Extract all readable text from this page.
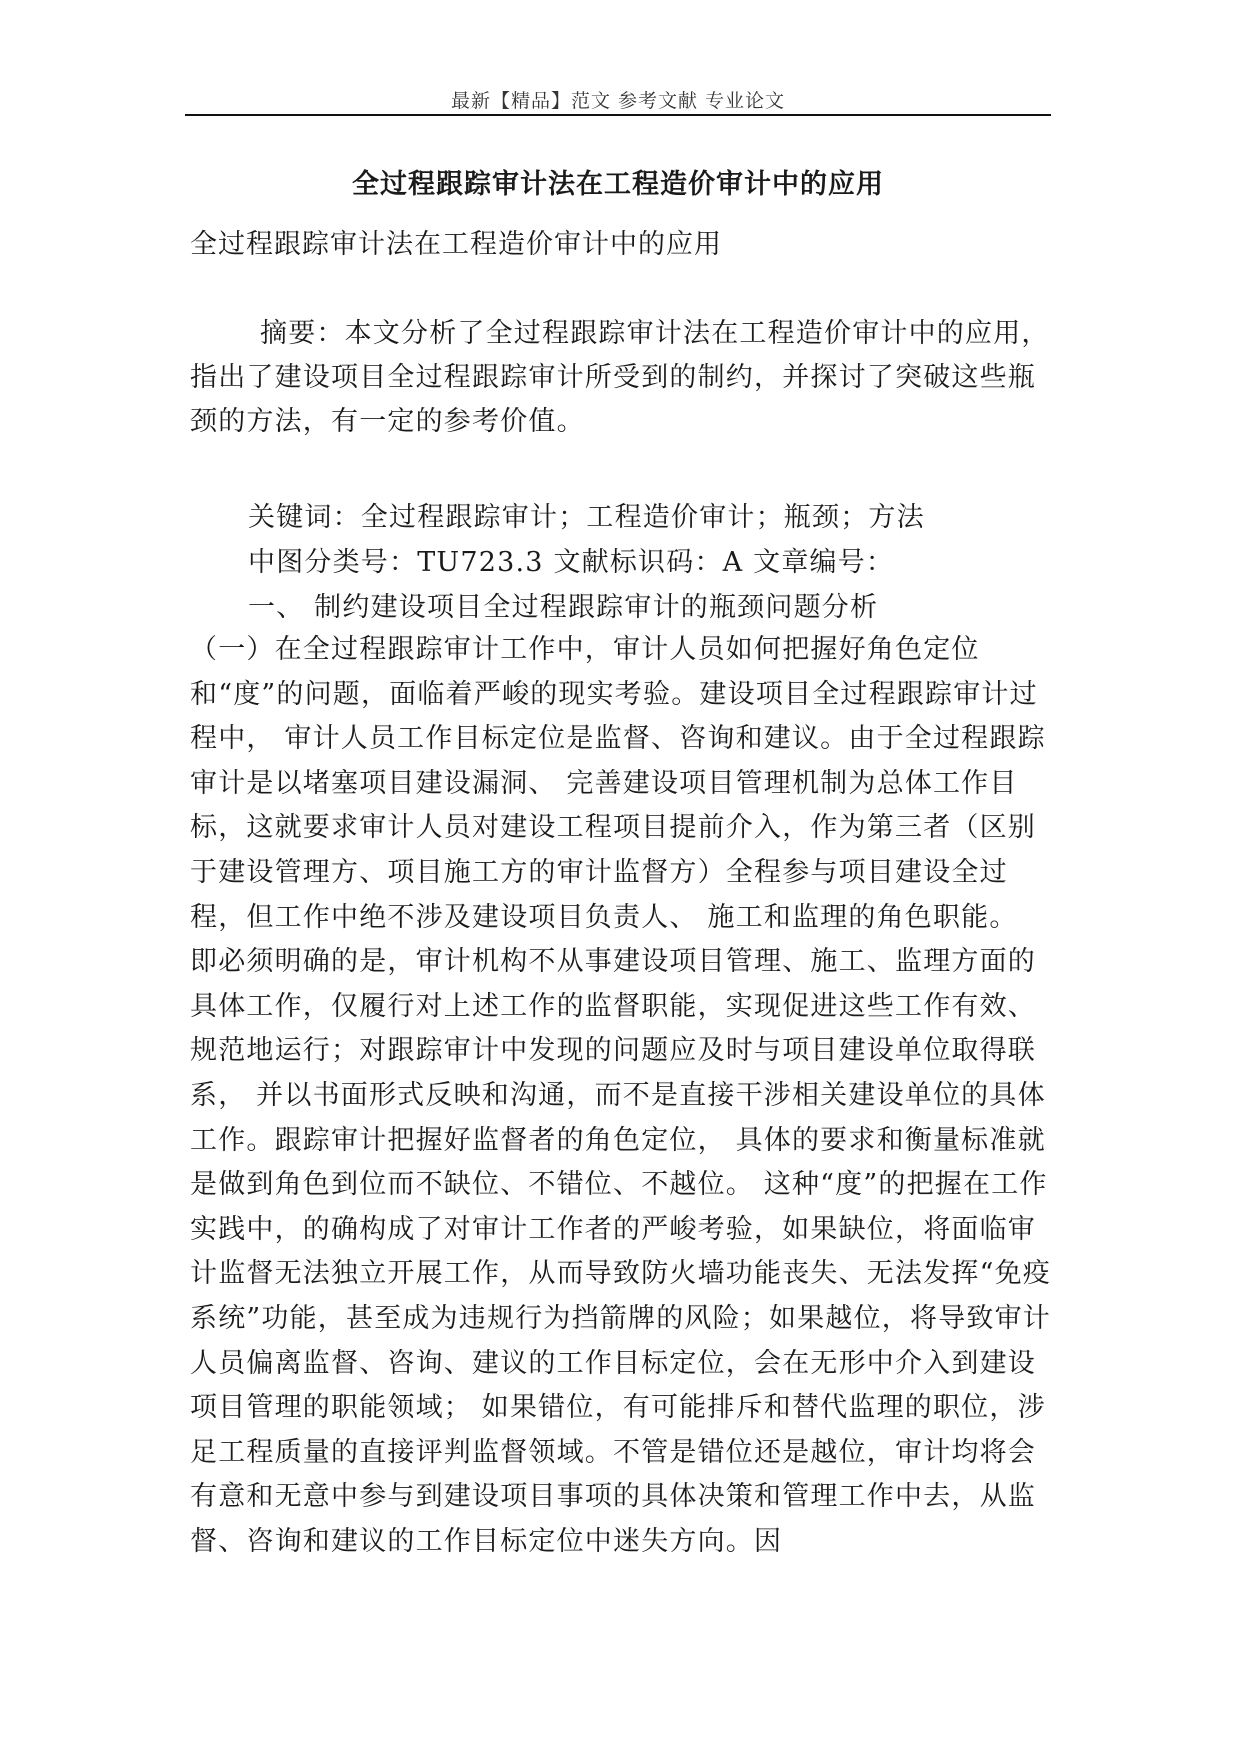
最新【精品】范文 参考文献 专业论文
全过程跟踪审计法在工程造价审计中的应用
全过程跟踪审计法在工程造价审计中的应用
摘要：本文分析了全过程跟踪审计法在工程造价审计中的应用，指出了建设项目全过程跟踪审计所受到的制约，并探讨了突破这些瓶颈的方法，有一定的参考价值。
关键词：全过程跟踪审计；工程造价审计；瓶颈；方法
中图分类号：TU723.3 文献标识码：A 文章编号：
一、 制约建设项目全过程跟踪审计的瓶颈问题分析
（一）在全过程跟踪审计工作中，审计人员如何把握好角色定位和“度”的问题，面临着严峻的现实考验。建设项目全过程跟踪审计过程中， 审计人员工作目标定位是监督、咨询和建议。由于全过程跟踪审计是以堵塞项目建设漏洞、 完善建设项目管理机制为总体工作目标，这就要求审计人员对建设工程项目提前介入，作为第三者（区别于建设管理方、项目施工方的审计监督方）全程参与项目建设全过程，但工作中绝不涉及建设项目负责人、 施工和监理的角色职能。 即必须明确的是，审计机构不从事建设项目管理、施工、监理方面的具体工作，仅履行对上述工作的监督职能，实现促进这些工作有效、规范地运行；对跟踪审计中发现的问题应及时与项目建设单位取得联系， 并以书面形式反映和沟通，而不是直接干涉相关建设单位的具体工作。跟踪审计把握好监督者的角色定位， 具体的要求和衡量标准就是做到角色到位而不缺位、不错位、不越位。 这种“度”的把握在工作实践中，的确构成了对审计工作者的严峻考验，如果缺位，将面临审计监督无法独立开展工作，从而导致防火墙功能丧失、无法发挥“免疫系统”功能，甚至成为违规行为挡箭牌的风险；如果越位，将导致审计人员偏离监督、咨询、建议的工作目标定位，会在无形中介入到建设项目管理的职能领域； 如果错位，有可能排斥和替代监理的职位，涉足工程质量的直接评判监督领域。不管是错位还是越位，审计均将会有意和无意中参与到建设项目事项的具体决策和管理工作中去，从监督、咨询和建议的工作目标定位中迷失方向。因
